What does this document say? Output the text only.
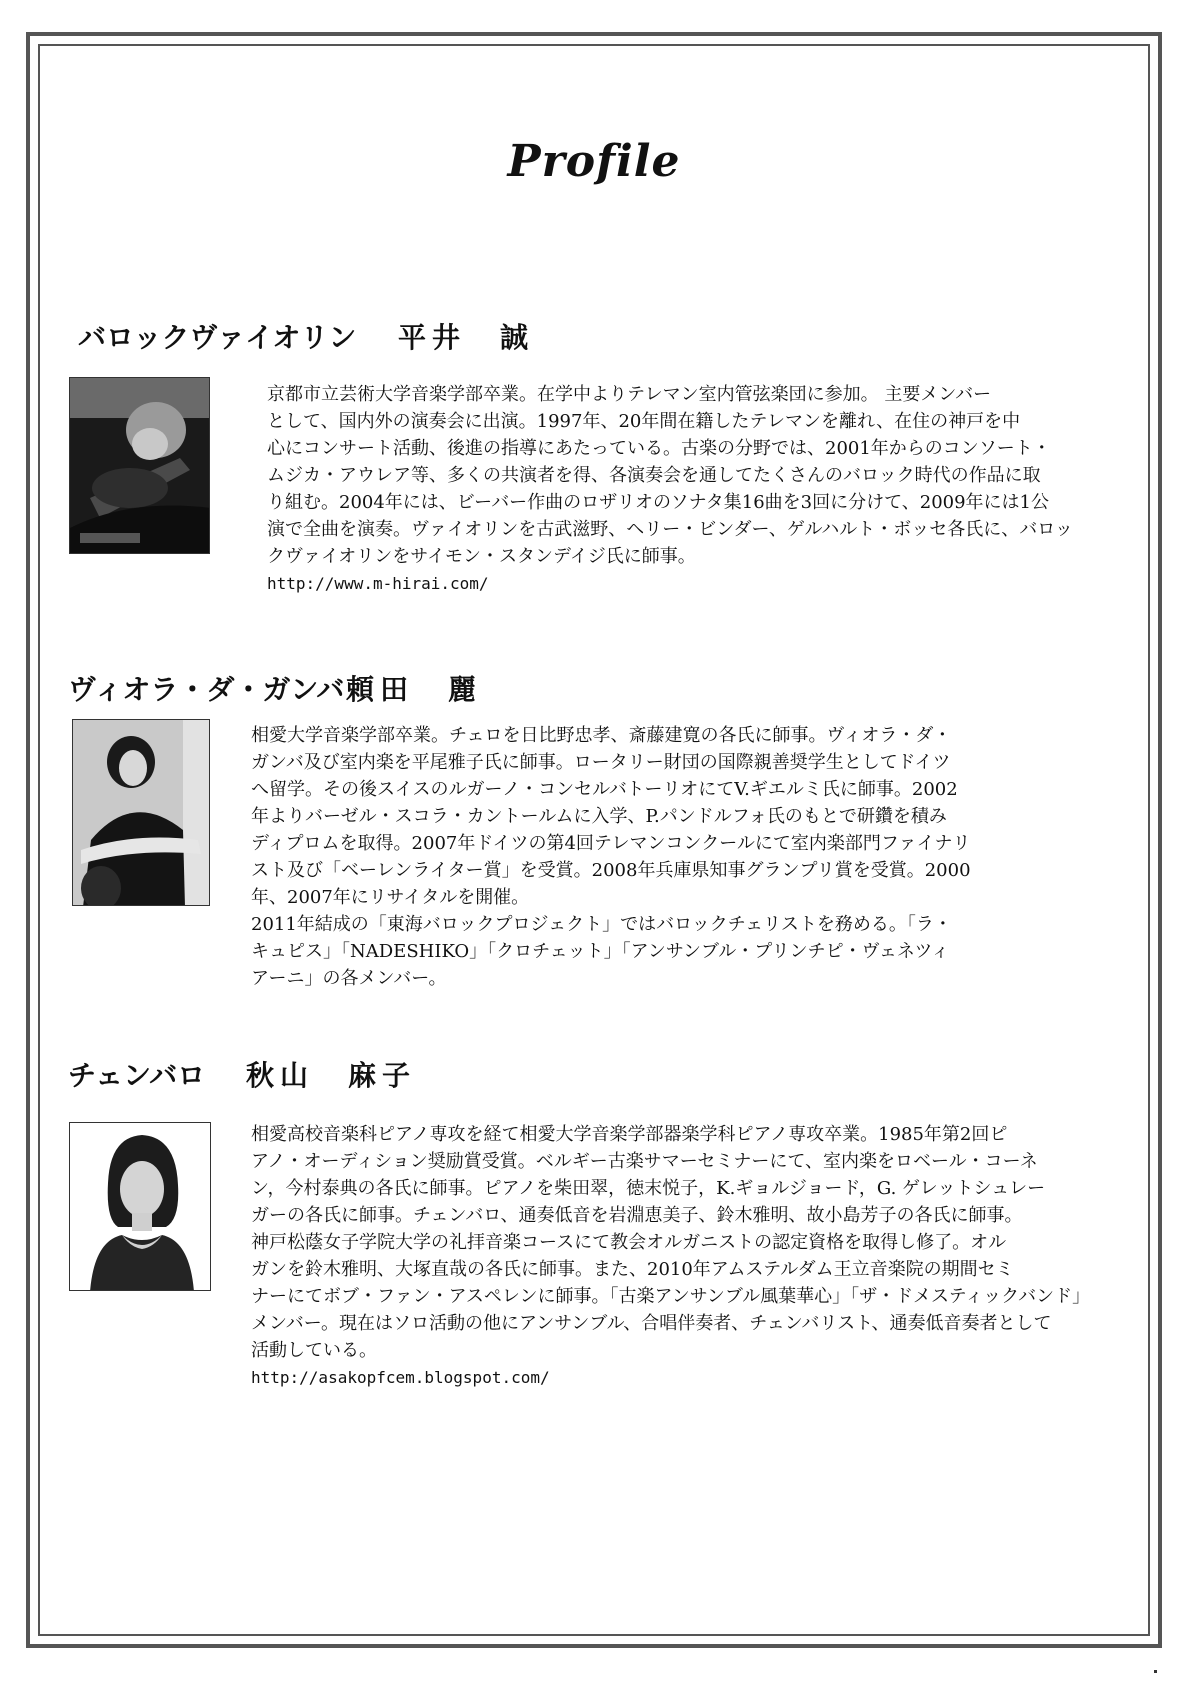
Profile
バロックヴァイオリン 平井　誠

京都市立芸術大学音楽学部卒業。在学中よりテレマン室内管弦楽団に参加。 主要メンバー

として、国内外の演奏会に出演。1997年、20年間在籍したテレマンを離れ、在住の神戸を中

心にコンサート活動、後進の指導にあたっている。古楽の分野では、2001年からのコンソート・

ムジカ・アウレア等、多くの共演者を得、各演奏会を通してたくさんのバロック時代の作品に取

り組む。2004年には、ビーバー作曲のロザリオのソナタ集16曲を3回に分けて、2009年には1公

演で全曲を演奏。ヴァイオリンを古武滋野、ヘリー・ビンダー、ゲルハルト・ボッセ各氏に、バロッ

クヴァイオリンをサイモン・スタンデイジ氏に師事。

http://www.m-hirai.com/

ヴィオラ・ダ・ガンバ頼田　麗

相愛大学音楽学部卒業。チェロを日比野忠孝、斎藤建寛の各氏に師事。ヴィオラ・ダ・

ガンバ及び室内楽を平尾雅子氏に師事。ロータリー財団の国際親善奨学生としてドイツ

へ留学。その後スイスのルガーノ・コンセルバトーリオにてV.ギエルミ氏に師事。2002

年よりバーゼル・スコラ・カントールムに入学、P.パンドルフォ氏のもとで研鑽を積み

ディプロムを取得。2007年ドイツの第4回テレマンコンクールにて室内楽部門ファイナリ

スト及び「ベーレンライター賞」を受賞。2008年兵庫県知事グランプリ賞を受賞。2000

年、2007年にリサイタルを開催。

2011年結成の「東海バロックプロジェクト」ではバロックチェリストを務める。「ラ・

キュピス」「NADESHIKO」「クロチェット」「アンサンブル・プリンチピ・ヴェネツィ

アーニ」の各メンバー。

チェンバロ 秋山　麻子

相愛高校音楽科ピアノ専攻を経て相愛大学音楽学部器楽学科ピアノ専攻卒業。1985年第2回ピ

アノ・オーディション奨励賞受賞。ベルギー古楽サマーセミナーにて、室内楽をロベール・コーネ

ン，今村泰典の各氏に師事。ピアノを柴田翠，徳末悦子，K.ギョルジョード，G. ゲレットシュレー

ガーの各氏に師事。チェンバロ、通奏低音を岩淵恵美子、鈴木雅明、故小島芳子の各氏に師事。

神戸松蔭女子学院大学の礼拝音楽コースにて教会オルガニストの認定資格を取得し修了。オル

ガンを鈴木雅明、大塚直哉の各氏に師事。また、2010年アムステルダム王立音楽院の期間セミ

ナーにてボブ・ファン・アスペレンに師事。「古楽アンサンブル風葉華心」「ザ・ドメスティックバンド」

メンバー。現在はソロ活動の他にアンサンブル、合唱伴奏者、チェンバリスト、通奏低音奏者として

活動している。

http://asakopfcem.blogspot.com/
